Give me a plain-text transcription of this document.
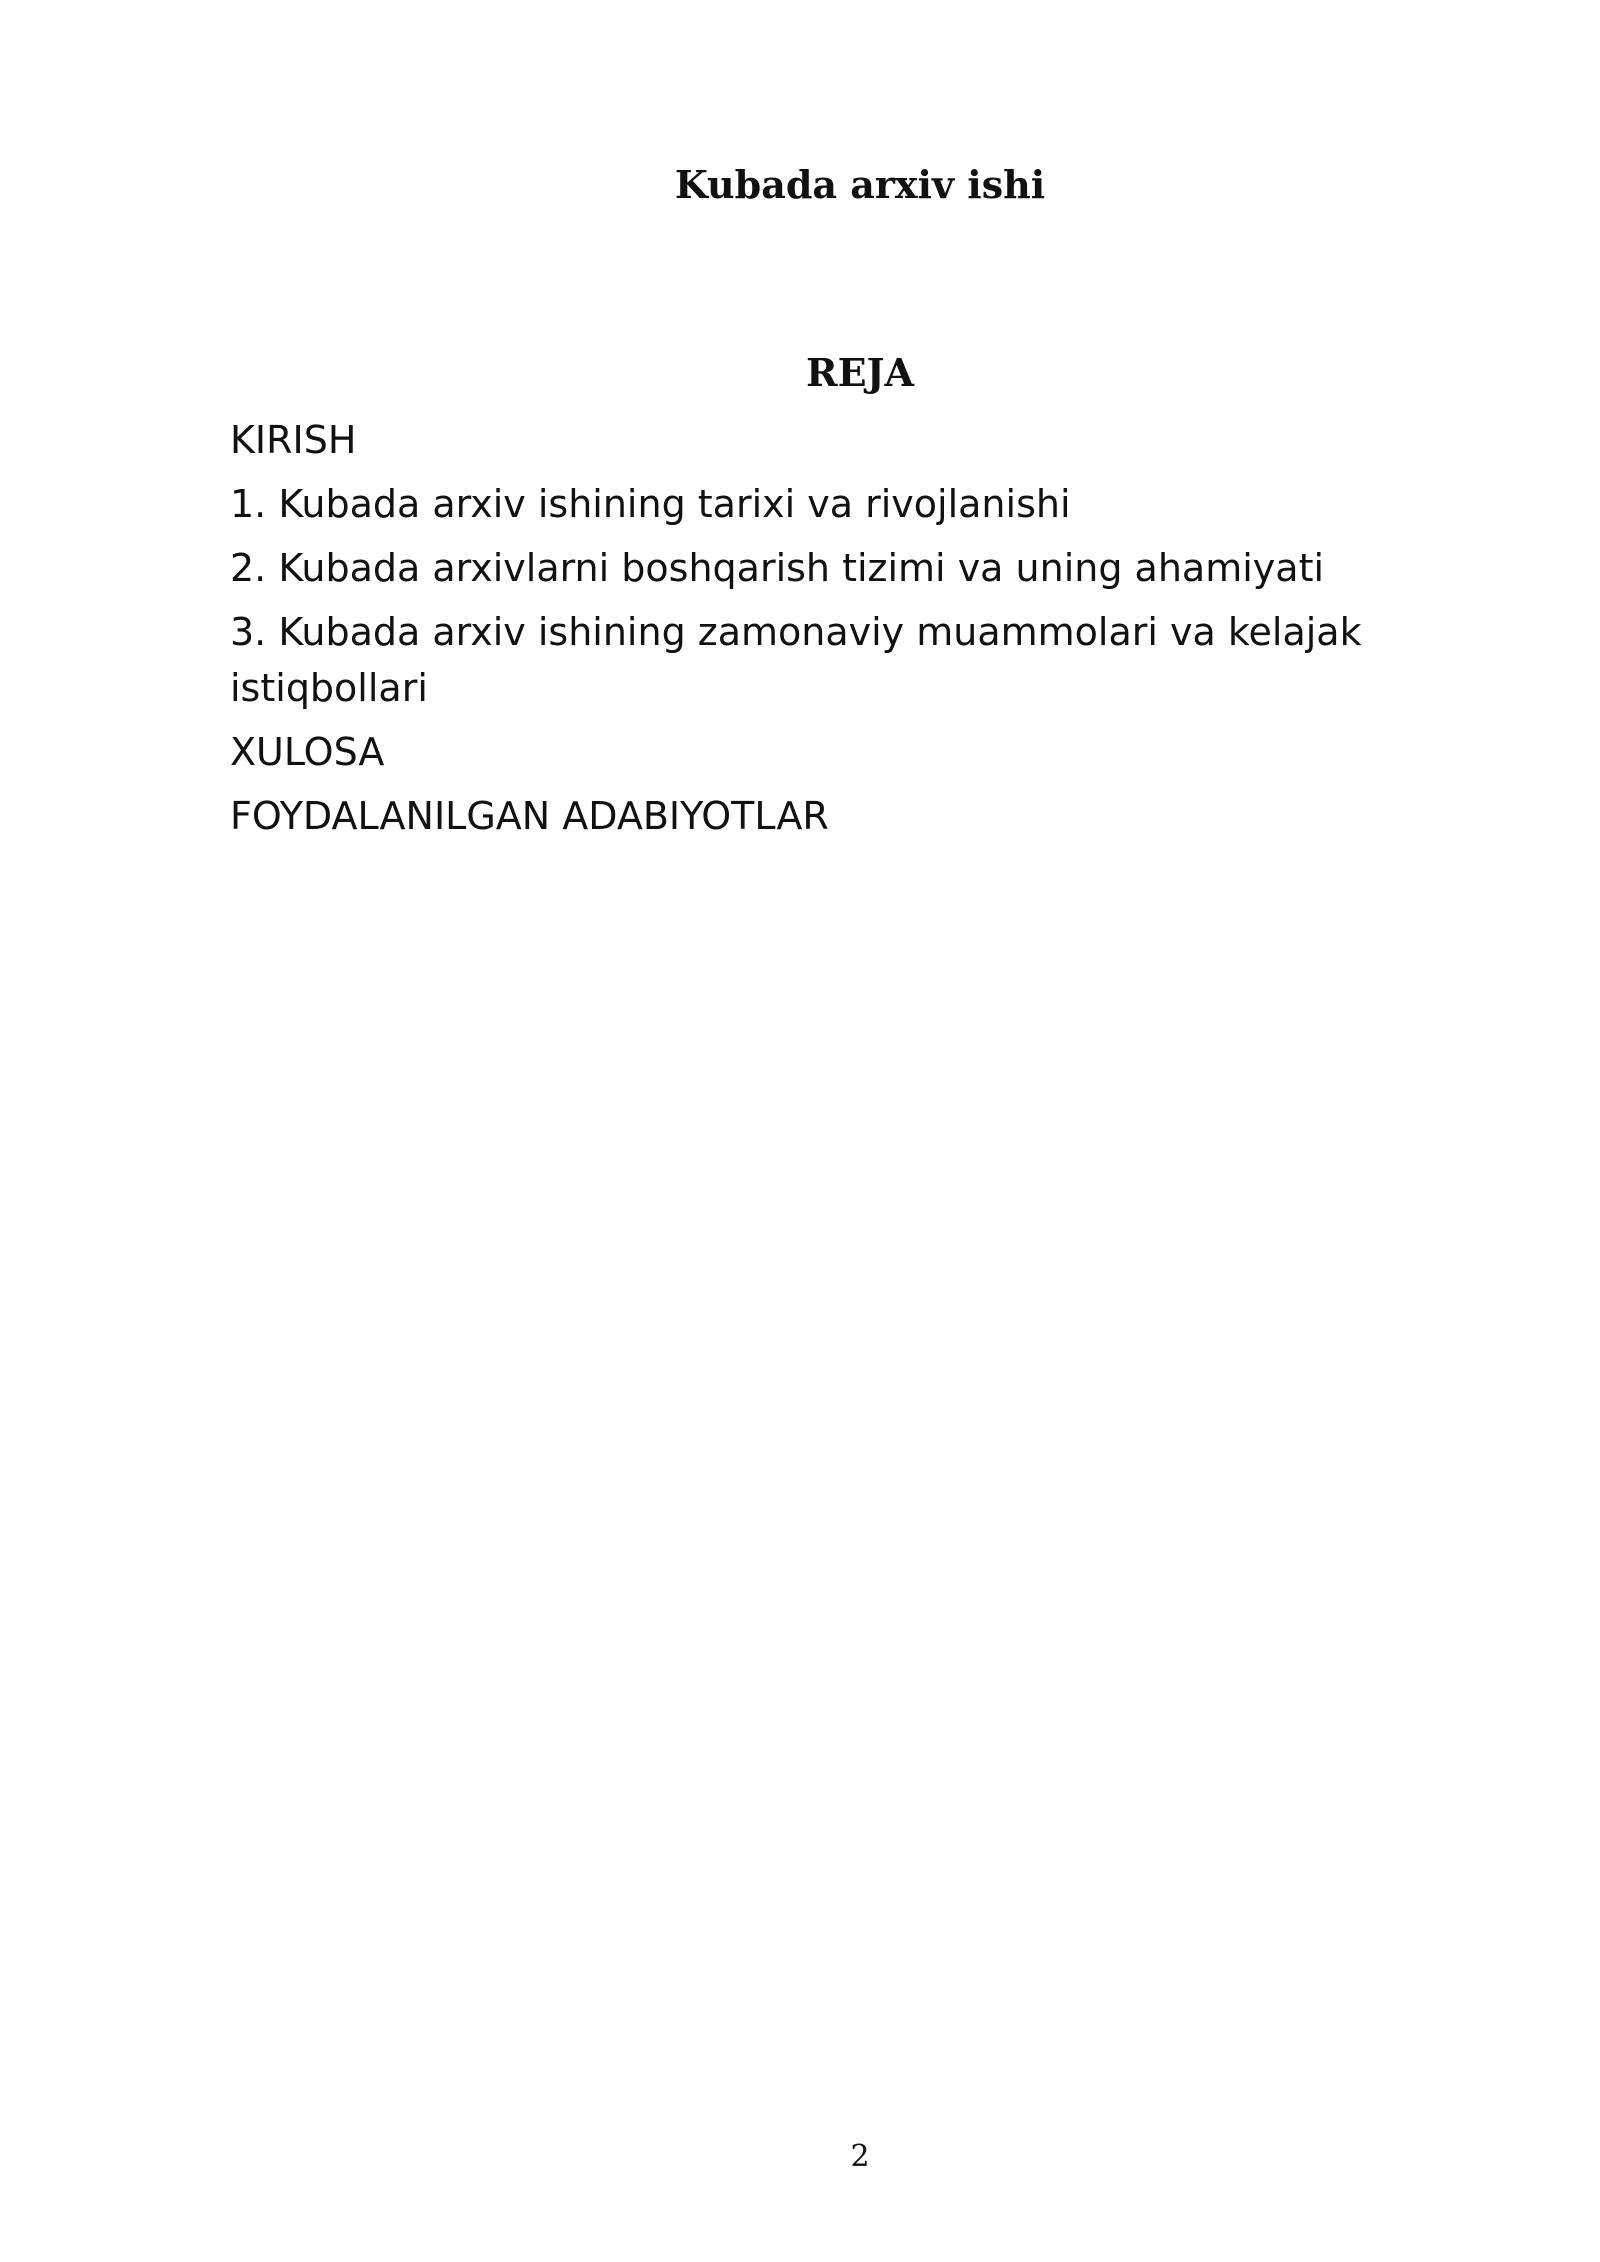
Kubada arxiv ishi
REJA
KIRISH
1. Kubada arxiv ishining tarixi va rivojlanishi
2. Kubada arxivlarni boshqarish tizimi va uning ahamiyati
3. Kubada arxiv ishining zamonaviy muammolari va kelajak istiqbollari
XULOSA
FOYDALANILGAN ADABIYOTLAR
2
